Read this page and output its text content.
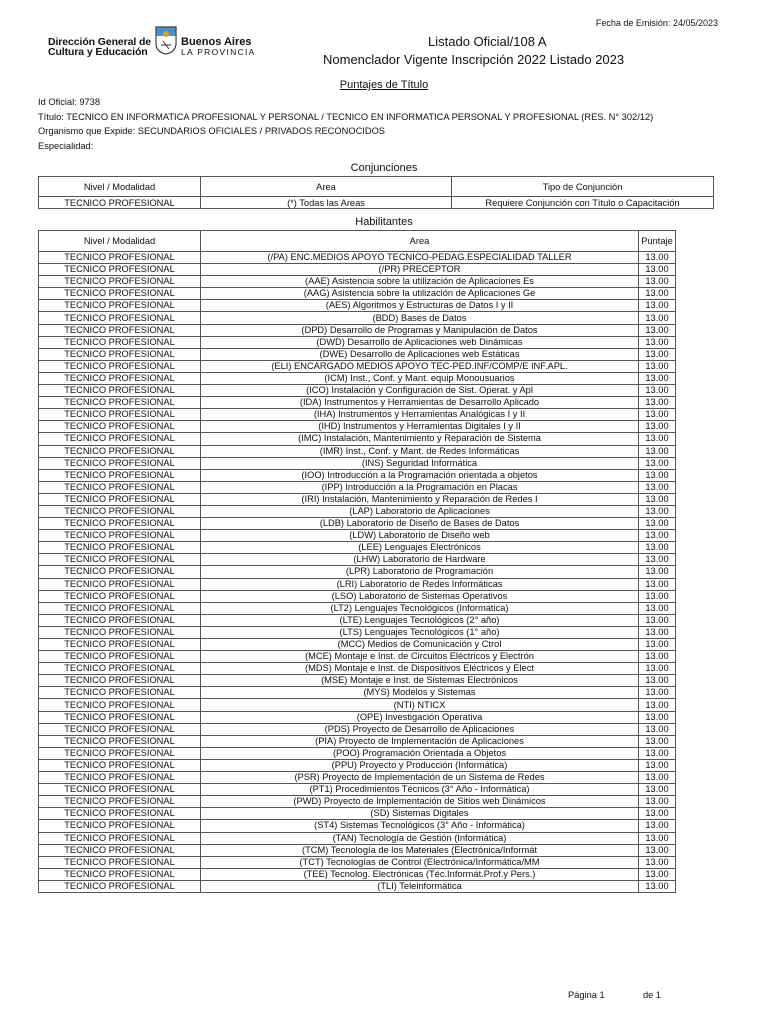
Fecha de Emisión: 24/05/2023
Dirección General de
Cultura y Educación
Buenos Aires
LA PROVINCIA
Listado Oficial/108 A
Nomenclador Vigente Inscripción 2022 Listado 2023
Puntajes de Título
Id Oficial: 9738
Título: TECNICO EN INFORMATICA PROFESIONAL Y PERSONAL / TECNICO EN INFORMATICA PERSONAL Y PROFESIONAL (RES. N° 302/12)
Organismo que Expide: SECUNDARIOS OFICIALES / PRIVADOS RECONOCIDOS
Especialidad:
Conjunciones
Nivel / Modalidad	Area	Tipo de Conjunción
TECNICO PROFESIONAL	(*) Todas las Areas	Requiere Conjunción con Título o Capacitación
Habilitantes
Nivel / Modalidad	Area	Puntaje
TECNICO PROFESIONAL	(/PA) ENC.MEDIOS APOYO TECNICO-PEDAG.ESPECIALIDAD TALLER	13.00
TECNICO PROFESIONAL	(/PR) PRECEPTOR	13.00
TECNICO PROFESIONAL	(AAE) Asistencia sobre la utilización de Aplicaciones Es	13.00
TECNICO PROFESIONAL	(AAG) Asistencia sobre la utilización de Aplicaciones Ge	13.00
TECNICO PROFESIONAL	(AES) Algoritmos y Estructuras de Datos I y II	13.00
TECNICO PROFESIONAL	(BDD) Bases de Datos	13.00
TECNICO PROFESIONAL	(DPD) Desarrollo de Programas y Manipulación de Datos	13.00
TECNICO PROFESIONAL	(DWD) Desarrollo de Aplicaciones web Dinámicas	13.00
TECNICO PROFESIONAL	(DWE) Desarrollo de Aplicaciones web Estáticas	13.00
TECNICO PROFESIONAL	(ELI) ENCARGADO MEDIOS APOYO TEC-PED.INF/COMP/E INF.APL.	13.00
TECNICO PROFESIONAL	(ICM) Inst., Conf. y Mant. equip Monousuarios	13.00
TECNICO PROFESIONAL	(ICO) Instalación y Configuración de Sist. Operat. y Apl	13.00
TECNICO PROFESIONAL	(IDA) Instrumentos y Herramientas de Desarrollo Aplicado	13.00
TECNICO PROFESIONAL	(IHA) Instrumentos y Herramientas Analógicas I y II	13.00
TECNICO PROFESIONAL	(IHD) Instrumentos y Herramientas Digitales I y II	13.00
TECNICO PROFESIONAL	(IMC) Instalación, Mantenimiento y Reparación de Sistema	13.00
TECNICO PROFESIONAL	(IMR) Inst., Conf. y Mant. de Redes Informáticas	13.00
TECNICO PROFESIONAL	(INS) Seguridad Informática	13.00
TECNICO PROFESIONAL	(IOO) Introducción a la Programación orientada a objetos	13.00
TECNICO PROFESIONAL	(IPP) Introducción a la Programación en Placas	13.00
TECNICO PROFESIONAL	(IRI) Instalación, Mantenimiento y Reparación de Redes I	13.00
TECNICO PROFESIONAL	(LAP) Laboratorio de Aplicaciones	13.00
TECNICO PROFESIONAL	(LDB) Laboratorio de Diseño de Bases de Datos	13.00
TECNICO PROFESIONAL	(LDW) Laboratorio de Diseño web	13.00
TECNICO PROFESIONAL	(LEE) Lenguajes Electrónicos	13.00
TECNICO PROFESIONAL	(LHW) Laboratorio de Hardware	13.00
TECNICO PROFESIONAL	(LPR) Laboratorio de Programación	13.00
TECNICO PROFESIONAL	(LRI) Laboratorio de Redes Informáticas	13.00
TECNICO PROFESIONAL	(LSO) Laboratorio de Sistemas Operativos	13.00
TECNICO PROFESIONAL	(LT2) Lenguajes Tecnológicos (Informatica)	13.00
TECNICO PROFESIONAL	(LTE) Lenguajes Tecnológicos (2° año)	13.00
TECNICO PROFESIONAL	(LTS) Lenguajes Tecnológicos (1° año)	13.00
TECNICO PROFESIONAL	(MCC) Medios de Comunicación y Ctrol	13.00
TECNICO PROFESIONAL	(MCE) Montaje e Inst. de Circuitos Eléctricos y Electrón	13.00
TECNICO PROFESIONAL	(MDS) Montaje e Inst. de Dispositivos Eléctricos y Elect	13.00
TECNICO PROFESIONAL	(MSE) Montaje e Inst. de Sistemas Electrónicos	13.00
TECNICO PROFESIONAL	(MYS) Modelos y Sistemas	13.00
TECNICO PROFESIONAL	(NTI) NTICX	13.00
TECNICO PROFESIONAL	(OPE) Investigación Operativa	13.00
TECNICO PROFESIONAL	(PDS) Proyecto de Desarrollo de Aplicaciones	13.00
TECNICO PROFESIONAL	(PIA) Proyecto de Implementación de Aplicaciones	13.00
TECNICO PROFESIONAL	(POO) Programación Orientada a Objetos	13.00
TECNICO PROFESIONAL	(PPU) Proyecto y Producción (Informática)	13.00
TECNICO PROFESIONAL	(PSR) Proyecto de Implementación de un Sistema de Redes	13.00
TECNICO PROFESIONAL	(PT1) Procedimientos Técnicos (3° Año - Informática)	13.00
TECNICO PROFESIONAL	(PWD) Proyecto de Implementación de Sitios web Dinámicos	13.00
TECNICO PROFESIONAL	(SD) Sistemas Digitales	13.00
TECNICO PROFESIONAL	(ST4) Sistemas Tecnológicos (3° Año - Informática)	13.00
TECNICO PROFESIONAL	(TAN) Tecnología de Gestión (Informática)	13.00
TECNICO PROFESIONAL	(TCM) Tecnología de los Materiales (Electrónica/Informát	13.00
TECNICO PROFESIONAL	(TCT) Tecnologías de Control (Electrónica/Informática/MM	13.00
TECNICO PROFESIONAL	(TEE) Tecnolog. Electrónicas (Téc.Informát.Prof.y Pers.)	13.00
TECNICO PROFESIONAL	(TLI) Teleinformática	13.00
Página 1	de 1
